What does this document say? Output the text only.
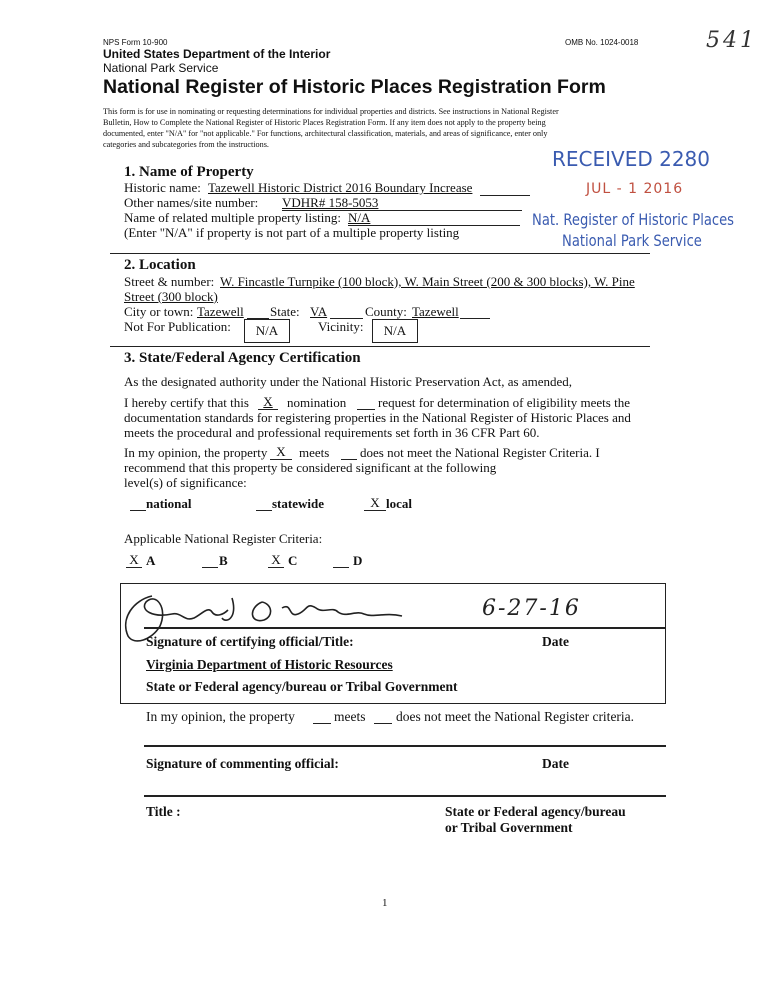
541
NPS Form 10-900	OMB No. 1024-0018
United States Department of the Interior
National Park Service
National Register of Historic Places Registration Form
This form is for use in nominating or requesting determinations for individual properties and districts. See instructions in National Register
Bulletin, How to Complete the National Register of Historic Places Registration Form. If any item does not apply to the property being
documented, enter "N/A" for "not applicable." For functions, architectural classification, materials, and areas of significance, enter only
categories and subcategories from the instructions.
RECEIVED 2280
JUL - 1 2016
Nat. Register of Historic Places
National Park Service
1. Name of Property
Historic name: Tazewell Historic District 2016 Boundary Increase
Other names/site number: VDHR# 158-5053
Name of related multiple property listing: N/A
(Enter "N/A" if property is not part of a multiple property listing
2. Location
Street & number: W. Fincastle Turnpike (100 block), W. Main Street (200 & 300 blocks), W. Pine
Street (300 block)
City or town: Tazewell State: VA	County: Tazewell
Not For Publication:	N/A	Vicinity:	N/A
3. State/Federal Agency Certification
As the designated authority under the National Historic Preservation Act, as amended,
I hereby certify that this	X	nomination request for determination of eligibility meets the
documentation standards for registering properties in the National Register of Historic Places and
meets the procedural and professional requirements set forth in 36 CFR Part 60.
In my opinion, the property X	meets does not meet the National Register Criteria. I
recommend that this property be considered significant at the following
level(s) of significance:
national	statewide	X local
Applicable National Register Criteria:
X A	B	X C	D
6-27-16
Signature of certifying official/Title:	Date
Virginia Department of Historic Resources
State or Federal agency/bureau or Tribal Government
In my opinion, the property	meets does not meet the National Register criteria.
Signature of commenting official:	Date
Title :	State or Federal agency/bureau
or Tribal Government
1
